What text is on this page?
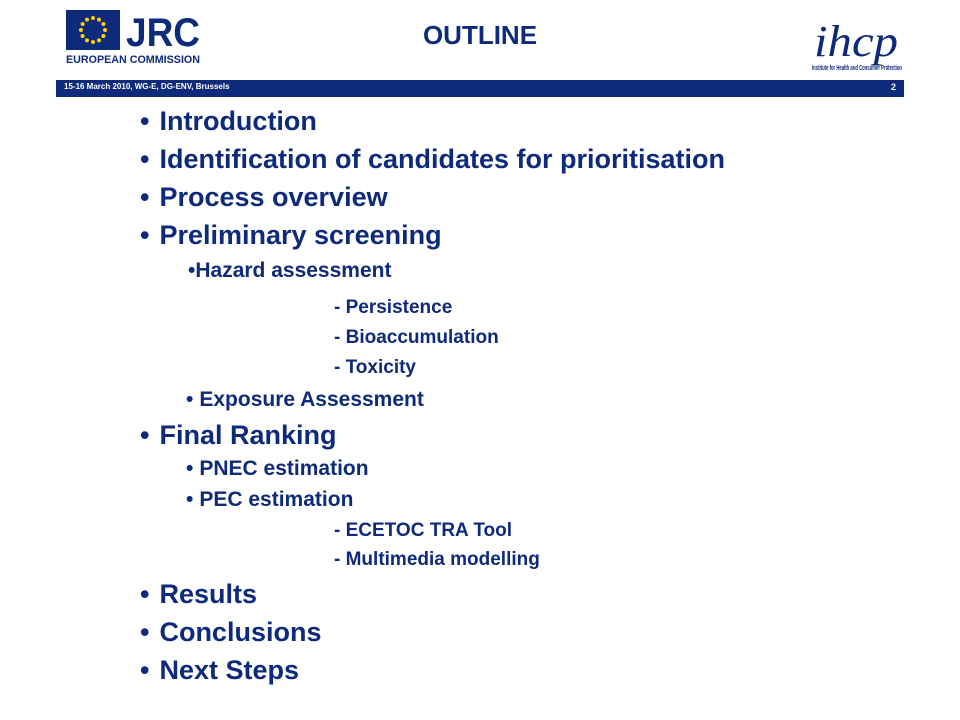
JRC
EUROPEAN COMMISSION
OUTLINE	ihcp
Institute for Health and Consumer Protection
15-16 March 2010, WG-E, DG-ENV, Brussels	2
• Introduction
• Identification of candidates for prioritisation
• Process overview
• Preliminary screening
•Hazard assessment
- Persistence
- Bioaccumulation
- Toxicity
• Exposure Assessment
• Final Ranking
• PNEC estimation
• PEC estimation
- ECETOC TRA Tool
- Multimedia modelling
• Results
• Conclusions
• Next Steps
